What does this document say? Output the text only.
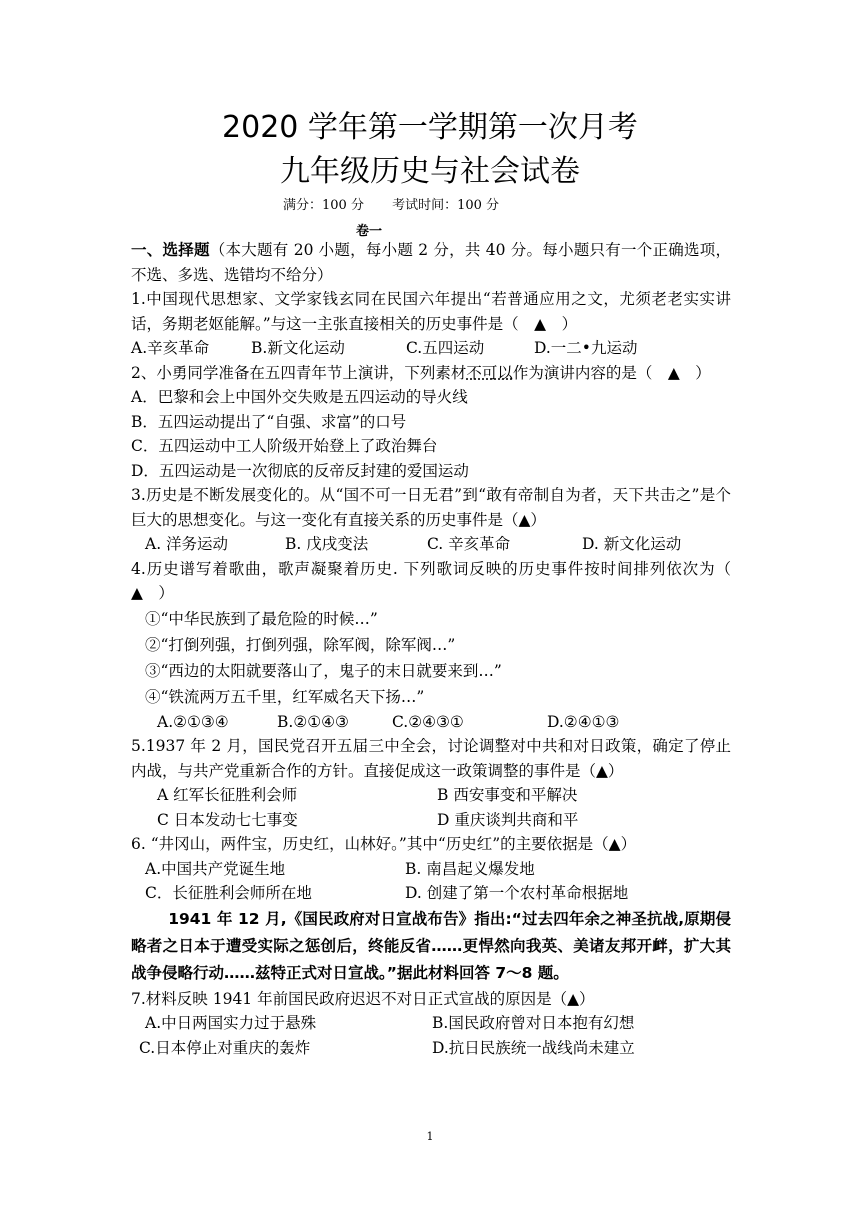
2020 学年第一学期第一次月考
九年级历史与社会试卷
满分：100 分 考试时间：100 分
卷一
一、选择题（本大题有 20 小题，每小题 2 分，共 40 分。每小题只有一个正确选项，不选、多选、选错均不给分）
1.中国现代思想家、文学家钱玄同在民国六年提出“若普通应用之文，尤须老老实实讲话，务期老妪能解。”与这一主张直接相关的历史事件是（　▲　）
A.辛亥革命	B.新文化运动	C.五四运动	D.一二•九运动
2、小勇同学准备在五四青年节上演讲，下列素材不可以作为演讲内容的是（　▲　）
A．巴黎和会上中国外交失败是五四运动的导火线
B．五四运动提出了“自强、求富”的口号
C．五四运动中工人阶级开始登上了政治舞台
D．五四运动是一次彻底的反帝反封建的爱国运动
3.历史是不断发展变化的。从“国不可一日无君”到“敢有帝制自为者，天下共击之”是个巨大的思想变化。与这一变化有直接关系的历史事件是（▲）
A. 洋务运动	B. 戊戌变法	C. 辛亥革命	D. 新文化运动
4.历史谱写着歌曲，歌声凝聚着历史. 下列歌词反映的历史事件按时间排列依次为（　▲　）
①“中华民族到了最危险的时候…”
②“打倒列强，打倒列强，除军阀，除军阀…”
③“西边的太阳就要落山了，鬼子的末日就要来到…”
④“铁流两万五千里，红军威名天下扬…”
A.②①③④	B.②①④③	C.②④③①	D.②④①③
5.1937 年 2 月，国民党召开五届三中全会，讨论调整对中共和对日政策，确定了停止 内战，与共产党重新合作的方针。直接促成这一政策调整的事件是（▲）
A 红军长征胜利会师	B 西安事变和平解决
C 日本发动七七事变	D 重庆谈判共商和平
6. “井冈山，两件宝，历史红，山林好。”其中“历史红”的主要依据是（▲）
A.中国共产党诞生地	B. 南昌起义爆发地
C．长征胜利会师所在地	D. 创建了第一个农村革命根据地
1941 年 12 月,《国民政府对日宣战布告》指出:“过去四年余之神圣抗战,原期侵略者之日本于遭受实际之惩创后，终能反省……更悍然向我英、美诸友邦开衅，扩大其战争侵略行动……兹特正式对日宣战。”据此材料回答 7～8 题。
7.材料反映 1941 年前国民政府迟迟不对日正式宣战的原因是（▲）
A.中日两国实力过于悬殊	B.国民政府曾对日本抱有幻想
C.日本停止对重庆的轰炸	D.抗日民族统一战线尚未建立
1
